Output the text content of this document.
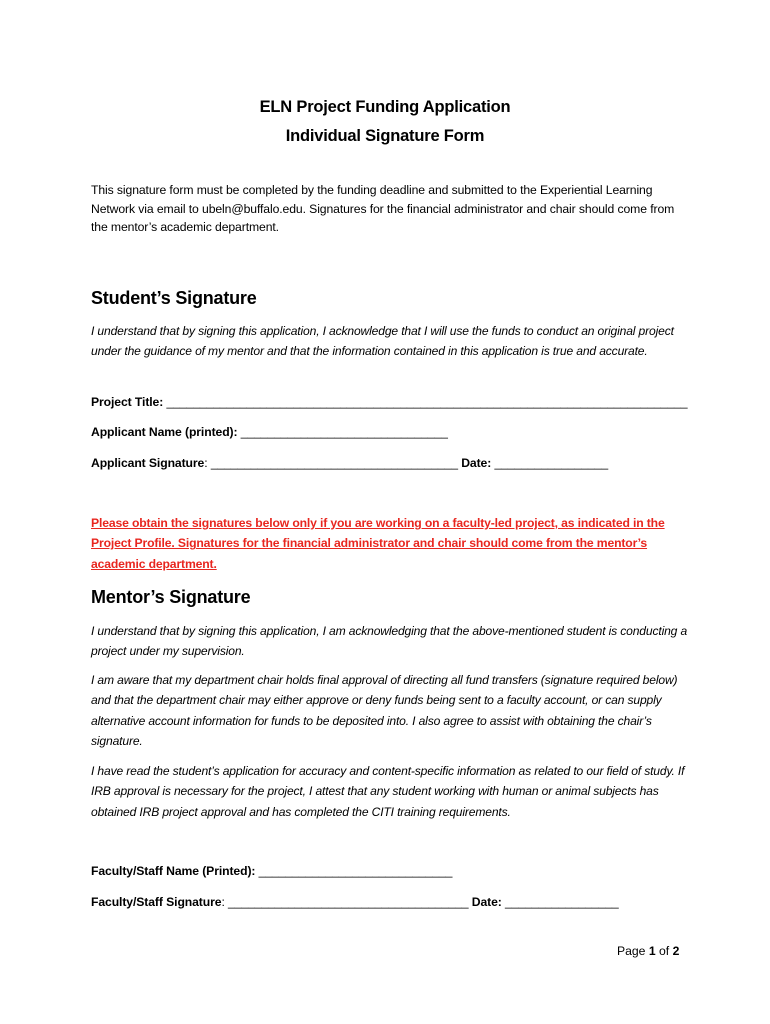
ELN Project Funding Application
Individual Signature Form
This signature form must be completed by the funding deadline and submitted to the Experiential Learning Network via email to ubeln@buffalo.edu. Signatures for the financial administrator and chair should come from the mentor’s academic department.
Student’s Signature
I understand that by signing this application, I acknowledge that I will use the funds to conduct an original project under the guidance of my mentor and that the information contained in this application is true and accurate.
Project Title: ______________________________________________________________________________
Applicant Name (printed): _______________________________
Applicant Signature: _____________________________________ Date: _________________
Please obtain the signatures below only if you are working on a faculty-led project, as indicated in the Project Profile. Signatures for the financial administrator and chair should come from the mentor’s academic department.
Mentor’s Signature
I understand that by signing this application, I am acknowledging that the above-mentioned student is conducting a project under my supervision.
I am aware that my department chair holds final approval of directing all fund transfers (signature required below) and that the department chair may either approve or deny funds being sent to a faculty account, or can supply alternative account information for funds to be deposited into. I also agree to assist with obtaining the chair’s signature.
I have read the student’s application for accuracy and content-specific information as related to our field of study. If IRB approval is necessary for the project, I attest that any student working with human or animal subjects has obtained IRB project approval and has completed the CITI training requirements.
Faculty/Staff Name (Printed): _____________________________
Faculty/Staff Signature: ____________________________________ Date: _________________
Page 1 of 2
